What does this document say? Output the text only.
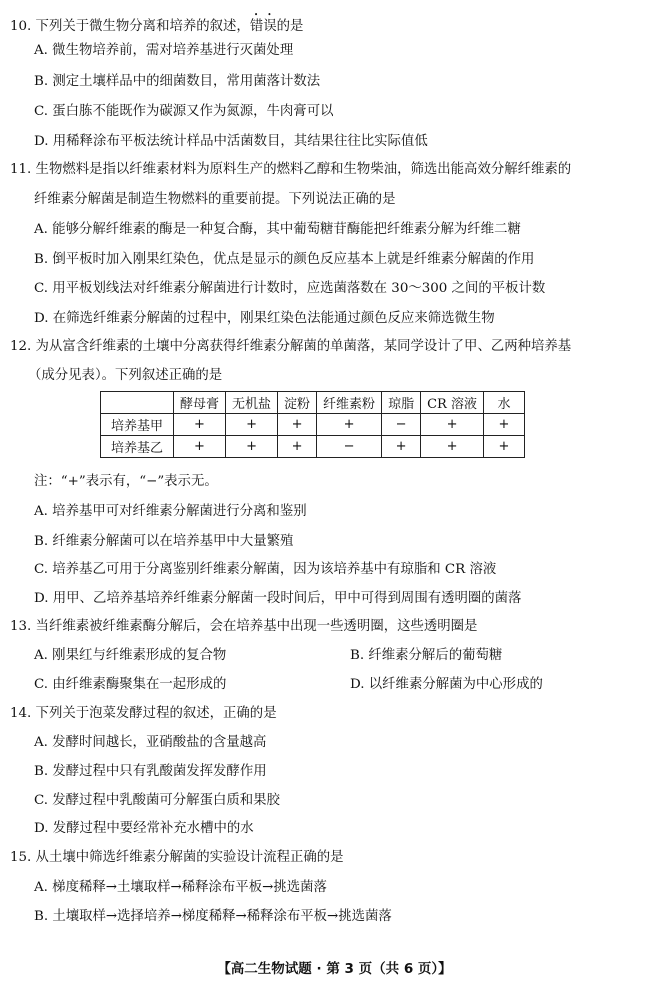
10. 下列关于微生物分离和培养的叙述，错误的是
A. 微生物培养前，需对培养基进行灭菌处理
B. 测定土壤样品中的细菌数目，常用菌落计数法
C. 蛋白胨不能既作为碳源又作为氮源，牛肉膏可以
D. 用稀释涂布平板法统计样品中活菌数目，其结果往往比实际值低
11. 生物燃料是指以纤维素材料为原料生产的燃料乙醇和生物柴油，筛选出能高效分解纤维素的
纤维素分解菌是制造生物燃料的重要前提。下列说法正确的是
A. 能够分解纤维素的酶是一种复合酶，其中葡萄糖苷酶能把纤维素分解为纤维二糖
B. 倒平板时加入刚果红染色，优点是显示的颜色反应基本上就是纤维素分解菌的作用
C. 用平板划线法对纤维素分解菌进行计数时，应选菌落数在 30～300 之间的平板计数
D. 在筛选纤维素分解菌的过程中，刚果红染色法能通过颜色反应来筛选微生物
12. 为从富含纤维素的土壤中分离获得纤维素分解菌的单菌落，某同学设计了甲、乙两种培养基
（成分见表）。下列叙述正确的是
	酵母膏	无机盐	淀粉	纤维素粉	琼脂	CR 溶液	水
培养基甲	+	+	+	+	−	+	+
培养基乙	+	+	+	−	+	+	+
注：“+”表示有，“−”表示无。
A. 培养基甲可对纤维素分解菌进行分离和鉴别
B. 纤维素分解菌可以在培养基甲中大量繁殖
C. 培养基乙可用于分离鉴别纤维素分解菌，因为该培养基中有琼脂和 CR 溶液
D. 用甲、乙培养基培养纤维素分解菌一段时间后，甲中可得到周围有透明圈的菌落
13. 当纤维素被纤维素酶分解后，会在培养基中出现一些透明圈，这些透明圈是
A. 刚果红与纤维素形成的复合物	B. 纤维素分解后的葡萄糖
C. 由纤维素酶聚集在一起形成的	D. 以纤维素分解菌为中心形成的
14. 下列关于泡菜发酵过程的叙述，正确的是
A. 发酵时间越长，亚硝酸盐的含量越高
B. 发酵过程中只有乳酸菌发挥发酵作用
C. 发酵过程中乳酸菌可分解蛋白质和果胶
D. 发酵过程中要经常补充水槽中的水
15. 从土壤中筛选纤维素分解菌的实验设计流程正确的是
A. 梯度稀释→土壤取样→稀释涂布平板→挑选菌落
B. 土壤取样→选择培养→梯度稀释→稀释涂布平板→挑选菌落
【高二生物试题 · 第 3 页（共 6 页）】
